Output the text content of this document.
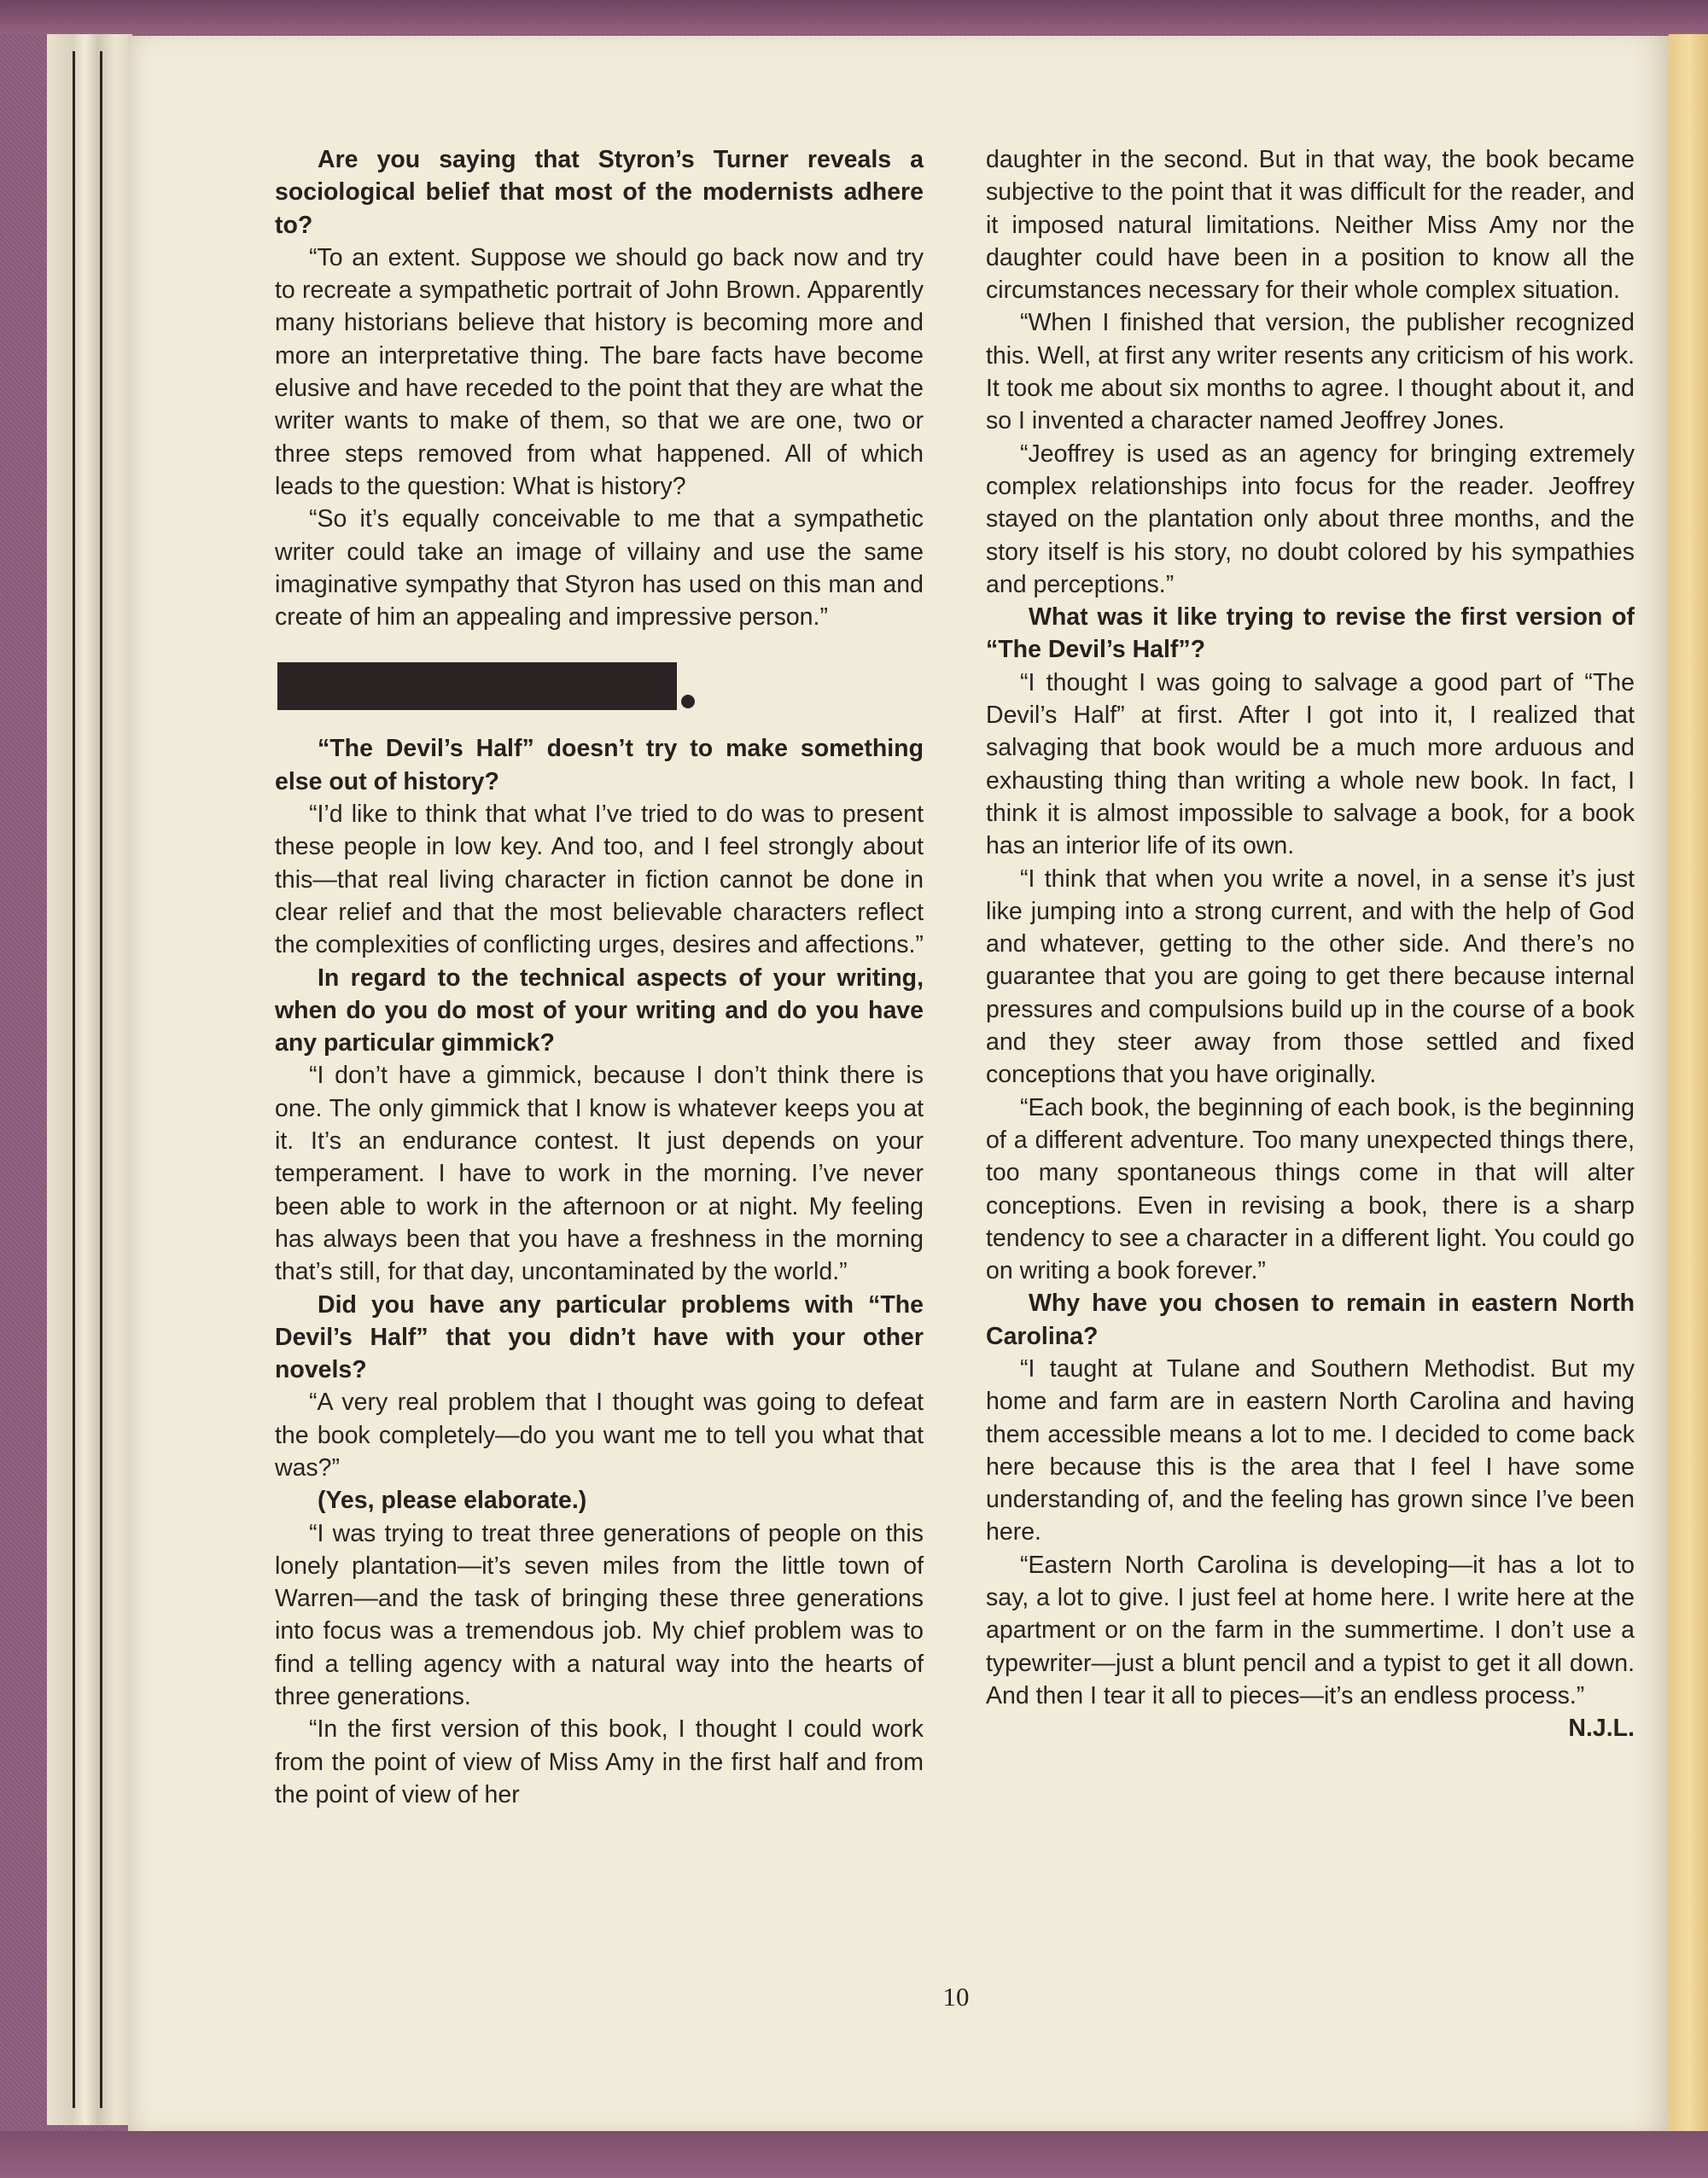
Are you saying that Styron’s Turner reveals a sociological belief that most of the modernists adhere to?

“To an extent. Suppose we should go back now and try to recreate a sympathetic portrait of John Brown. Apparently many historians believe that history is becoming more and more an interpretative thing. The bare facts have become elusive and have receded to the point that they are what the writer wants to make of them, so that we are one, two or three steps removed from what happened. All of which leads to the question: What is history?

“So it’s equally conceivable to me that a sympathetic writer could take an image of villainy and use the same imaginative sympathy that Styron has used on this man and create of him an appealing and impressive person.”

“The Devil’s Half” doesn’t try to make something else out of history?

“I’d like to think that what I’ve tried to do was to present these people in low key. And too, and I feel strongly about this—that real living character in fiction cannot be done in clear relief and that the most believable characters reflect the complexities of conflicting urges, desires and affections.”

In regard to the technical aspects of your writing, when do you do most of your writing and do you have any particular gimmick?

“I don’t have a gimmick, because I don’t think there is one. The only gimmick that I know is whatever keeps you at it. It’s an endurance contest. It just depends on your temperament. I have to work in the morning. I’ve never been able to work in the afternoon or at night. My feeling has always been that you have a freshness in the morning that’s still, for that day, uncontaminated by the world.”

Did you have any particular problems with “The Devil’s Half” that you didn’t have with your other novels?

“A very real problem that I thought was going to defeat the book completely—do you want me to tell you what that was?”

(Yes, please elaborate.)

“I was trying to treat three generations of people on this lonely plantation—it’s seven miles from the little town of Warren—and the task of bringing these three generations into focus was a tremendous job. My chief problem was to find a telling agency with a natural way into the hearts of three generations.

“In the first version of this book, I thought I could work from the point of view of Miss Amy in the first half and from the point of view of her

daughter in the second. But in that way, the book became subjective to the point that it was difficult for the reader, and it imposed natural limitations. Neither Miss Amy nor the daughter could have been in a position to know all the circumstances necessary for their whole complex situation.

“When I finished that version, the publisher recognized this. Well, at first any writer resents any criticism of his work. It took me about six months to agree. I thought about it, and so I invented a character named Jeoffrey Jones.

“Jeoffrey is used as an agency for bringing extremely complex relationships into focus for the reader. Jeoffrey stayed on the plantation only about three months, and the story itself is his story, no doubt colored by his sympathies and perceptions.”

What was it like trying to revise the first version of “The Devil’s Half”?

“I thought I was going to salvage a good part of “The Devil’s Half” at first. After I got into it, I realized that salvaging that book would be a much more arduous and exhausting thing than writing a whole new book. In fact, I think it is almost impossible to salvage a book, for a book has an interior life of its own.

“I think that when you write a novel, in a sense it’s just like jumping into a strong current, and with the help of God and whatever, getting to the other side. And there’s no guarantee that you are going to get there because internal pressures and compulsions build up in the course of a book and they steer away from those settled and fixed conceptions that you have originally.

“Each book, the beginning of each book, is the beginning of a different adventure. Too many unexpected things there, too many spontaneous things come in that will alter conceptions. Even in revising a book, there is a sharp tendency to see a character in a different light. You could go on writing a book forever.”

Why have you chosen to remain in eastern North Carolina?

“I taught at Tulane and Southern Methodist. But my home and farm are in eastern North Carolina and having them accessible means a lot to me. I decided to come back here because this is the area that I feel I have some understanding of, and the feeling has grown since I’ve been here.

“Eastern North Carolina is developing—it has a lot to say, a lot to give. I just feel at home here. I write here at the apartment or on the farm in the summertime. I don’t use a typewriter—just a blunt pencil and a typist to get it all down. And then I tear it all to pieces—it’s an endless process.”

N.J.L.

10
